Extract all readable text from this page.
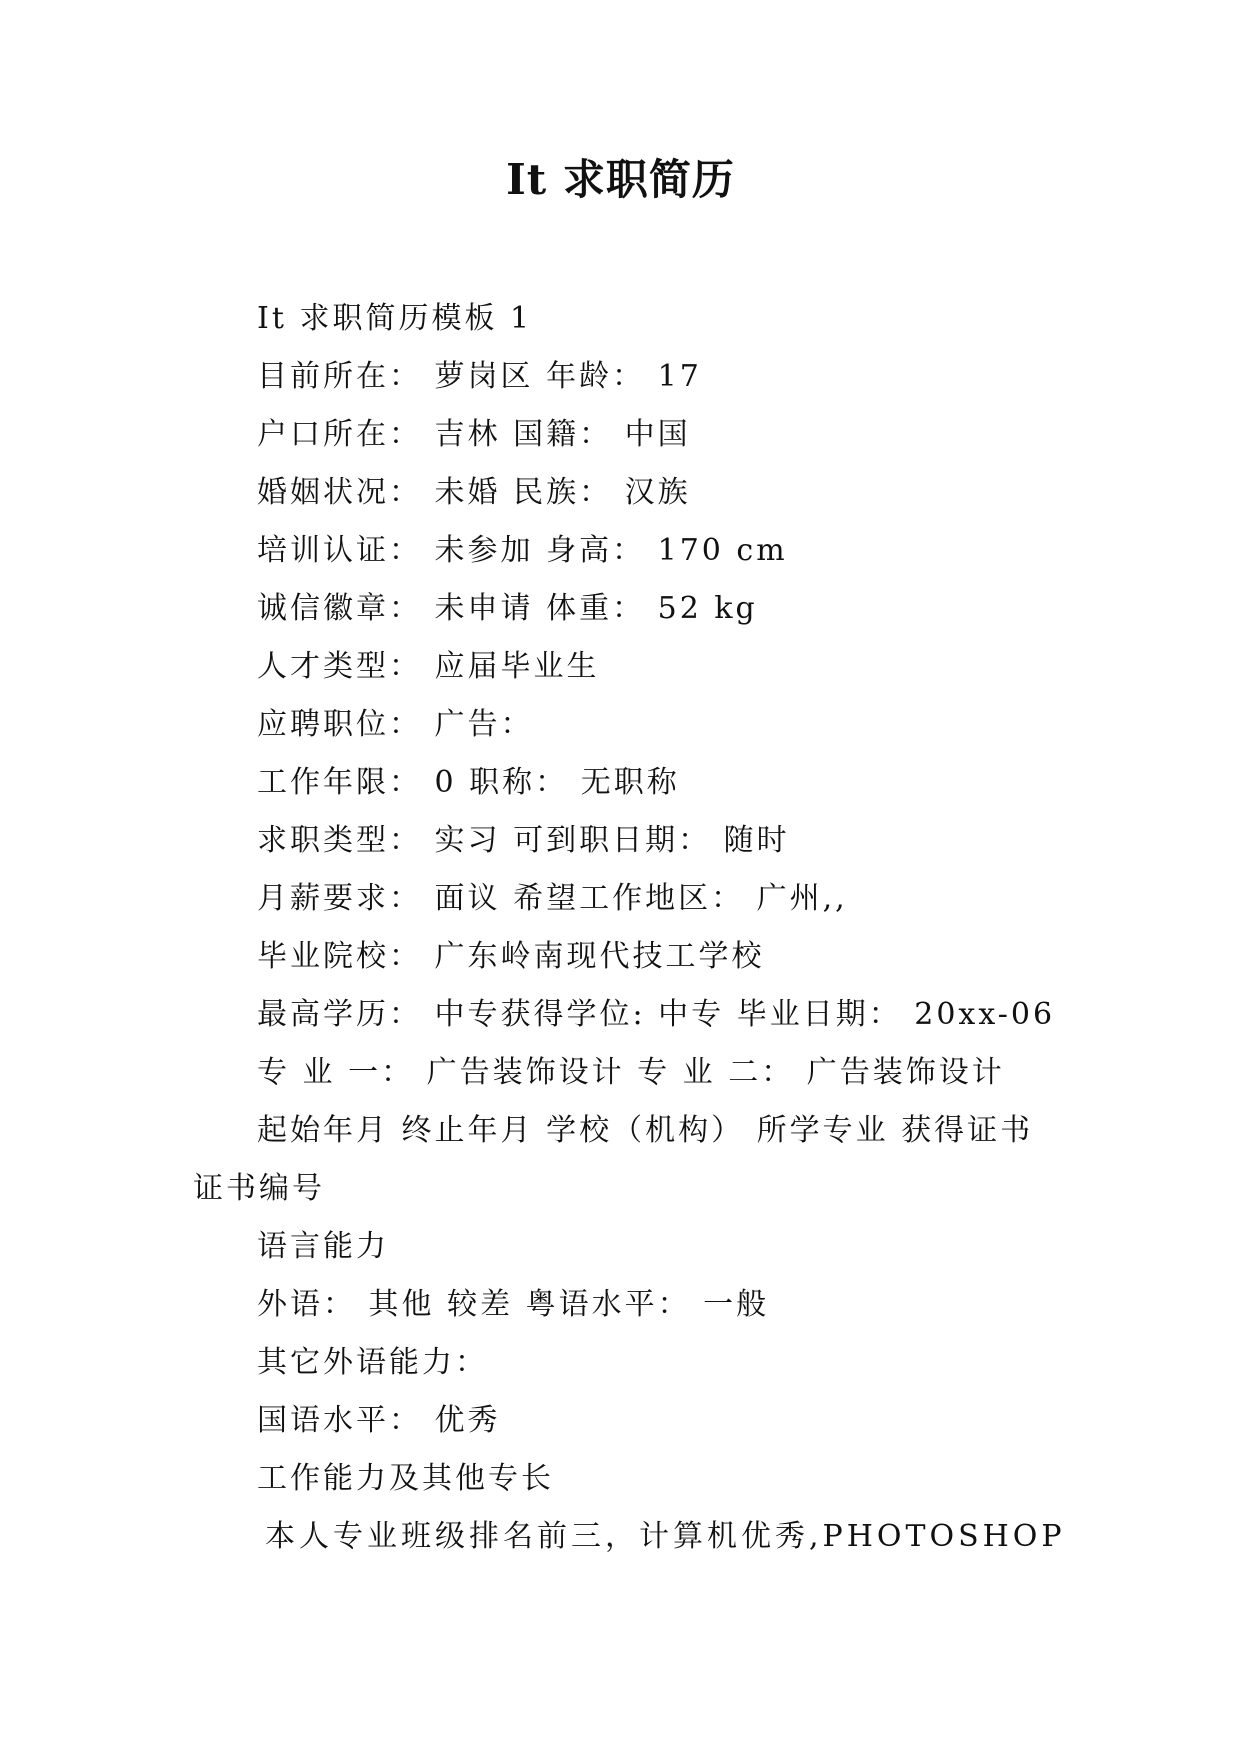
It 求职简历
It 求职简历模板 1
目前所在： 萝岗区 年龄： 17
户口所在： 吉林 国籍： 中国
婚姻状况： 未婚 民族： 汉族
培训认证： 未参加 身高： 170 cm
诚信徽章： 未申请 体重： 52 kg
人才类型： 应届毕业生
应聘职位： 广告：
工作年限： 0 职称： 无职称
求职类型： 实习 可到职日期： 随时
月薪要求： 面议 希望工作地区： 广州,,
毕业院校： 广东岭南现代技工学校
最高学历： 中专获得学位: 中专 毕业日期： 20xx-06
专 业 一： 广告装饰设计 专 业 二： 广告装饰设计
起始年月 终止年月 学校（机构） 所学专业 获得证书 证书编号
语言能力
外语： 其他 较差 粤语水平： 一般
其它外语能力：
国语水平： 优秀
工作能力及其他专长
本人专业班级排名前三，计算机优秀,PHOTOSHOP
